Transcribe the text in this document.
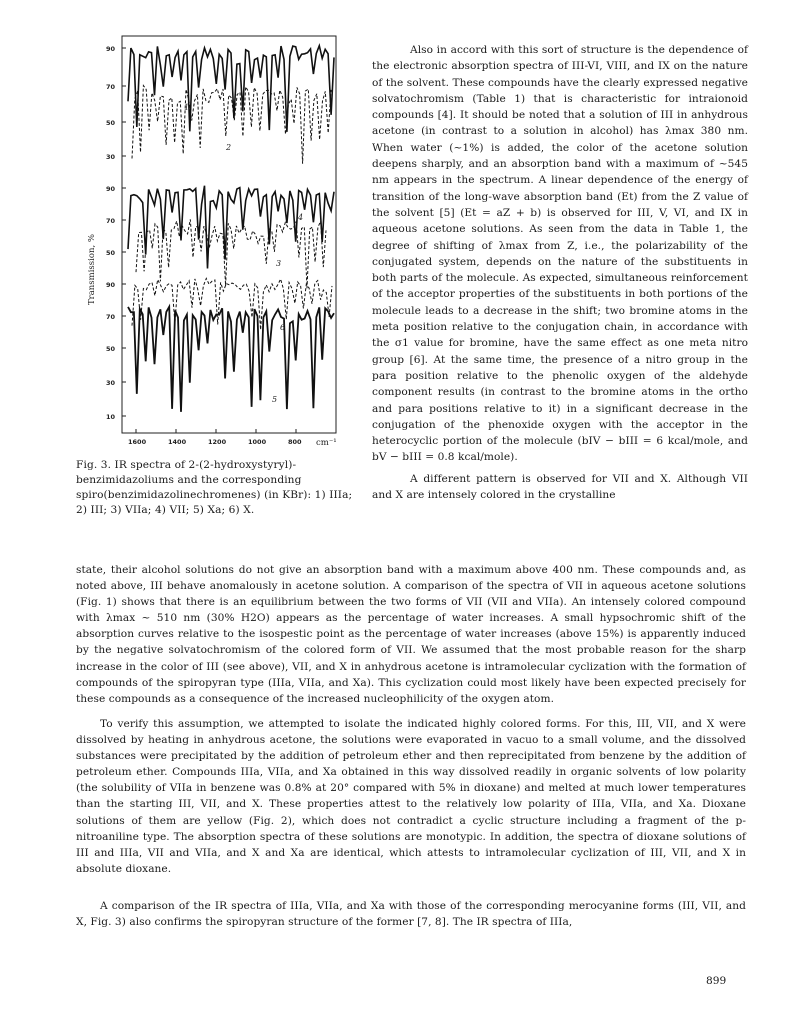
90
70
50
30
90
70
50
90
70
50
30
10
1600	1400	1200	1000	800
1
2
3
4
6
5
Transmission, %
cm⁻¹
Fig. 3. IR spectra of 2-(2-hydroxystyryl)-benzimidazoliums and the corresponding spiro(benzimidazolinechromenes) (in KBr): 1) IIIa; 2) III; 3) VIIa; 4) VII; 5) Xa; 6) X.

Also in accord with this sort of structure is the dependence of the electronic absorption spectra of III-VI, VIII, and IX on the nature of the solvent. These compounds have the clearly expressed negative solvatochromism (Table 1) that is characteristic for intraionoid compounds [4]. It should be noted that a solution of III in anhydrous acetone (in contrast to a solution in alcohol) has λmax 380 nm. When water (~1%) is added, the color of the acetone solution deepens sharply, and an absorption band with a maximum of ~545 nm appears in the spectrum. A linear dependence of the energy of transition of the long-wave absorption band (Et) from the Z value of the solvent [5] (Et = aZ + b) is observed for III, V, VI, and IX in aqueous acetone solutions. As seen from the data in Table 1, the degree of shifting of λmax from Z, i.e., the polarizability of the conjugated system, depends on the nature of the substituents in both parts of the molecule. As expected, simultaneous reinforcement of the acceptor properties of the substituents in both portions of the molecule leads to a decrease in the shift; two bromine atoms in the meta position relative to the conjugation chain, in accordance with the σ1 value for bromine, have the same effect as one meta nitro group [6]. At the same time, the presence of a nitro group in the para position relative to the phenolic oxygen of the aldehyde component results (in contrast to the bromine atoms in the ortho and para positions relative to it) in a significant decrease in the conjugation of the phenoxide oxygen with the acceptor in the heterocyclic portion of the molecule (bIV − bIII = 6 kcal/mole, and bV − bIII = 0.8 kcal/mole).

A different pattern is observed for VII and X. Although VII and X are intensely colored in the crystalline

state, their alcohol solutions do not give an absorption band with a maximum above 400 nm. These compounds and, as noted above, III behave anomalously in acetone solution. A comparison of the spectra of VII in aqueous acetone solutions (Fig. 1) shows that there is an equilibrium between the two forms of VII (VII and VIIa). An intensely colored compound with λmax ~ 510 nm (30% H2O) appears as the percentage of water increases. A small hypsochromic shift of the absorption curves relative to the isospestic point as the percentage of water increases (above 15%) is apparently induced by the negative solvatochromism of the colored form of VII. We assumed that the most probable reason for the sharp increase in the color of III (see above), VII, and X in anhydrous acetone is intramolecular cyclization with the formation of compounds of the spiropyran type (IIIa, VIIa, and Xa). This cyclization could most likely have been expected precisely for these compounds as a consequence of the increased nucleophilicity of the oxygen atom.

To verify this assumption, we attempted to isolate the indicated highly colored forms. For this, III, VII, and X were dissolved by heating in anhydrous acetone, the solutions were evaporated in vacuo to a small volume, and the dissolved substances were precipitated by the addition of petroleum ether and then reprecipitated from benzene by the addition of petroleum ether. Compounds IIIa, VIIa, and Xa obtained in this way dissolved readily in organic solvents of low polarity (the solubility of VIIa in benzene was 0.8% at 20° compared with 5% in dioxane) and melted at much lower temperatures than the starting III, VII, and X. These properties attest to the relatively low polarity of IIIa, VIIa, and Xa. Dioxane solutions of them are yellow (Fig. 2), which does not contradict a cyclic structure including a fragment of the p-nitroaniline type. The absorption spectra of these solutions are monotypic. In addition, the spectra of dioxane solutions of III and IIIa, VII and VIIa, and X and Xa are identical, which attests to intramolecular cyclization of III, VII, and X in absolute dioxane.

A comparison of the IR spectra of IIIa, VIIa, and Xa with those of the corresponding merocyanine forms (III, VII, and X, Fig. 3) also confirms the spiropyran structure of the former [7, 8]. The IR spectra of IIIa,

899
